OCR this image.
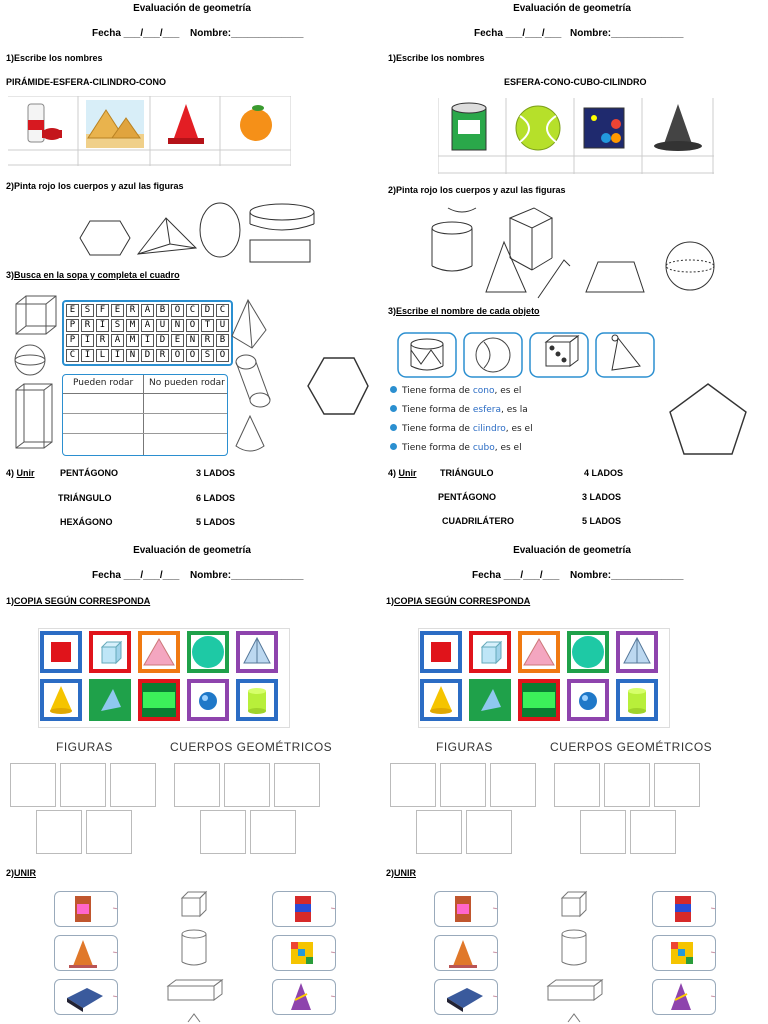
Evaluación de geometría
Fecha ___/___/___ Nombre:_____________
1)Escribe los nombres
PIRÁMIDE-ESFERA-CILINDRO-CONO
2)Pinta rojo los cuerpos y azul las figuras
3)Busca en la sopa y completa el cuadro
E	S	F	E	R	A	B	O	C	D	C
P	R	I	S	M	A	U	N	O	T	U
P	I	R	A	M	I	D	E	N	R	B
C	I	L	I	N	D	R	O	O	S	O
Pueden rodar No pueden rodar
4) Unir	PENTÁGONO
TRIÁNGULO
HEXÁGONO
3 LADOS
6 LADOS
5 LADOS
Evaluación de geometría
Fecha ___/___/___ Nombre:_____________
1)Escribe los nombres
ESFERA-CONO-CUBO-CILINDRO
2)Pinta rojo los cuerpos y azul las figuras
3)Escribe el nombre de cada objeto
Tiene forma de cono, es el
Tiene forma de esfera, es la
Tiene forma de cilindro, es el
Tiene forma de cubo, es el
4) Unir	TRIÁNGULO
PENTÁGONO
CUADRILÁTERO
4 LADOS
3 LADOS
5 LADOS
Evaluación de geometría
Fecha ___/___/___ Nombre:_____________
1)COPIA SEGÚN CORRESPONDA
FIGURAS	CUERPOS GEOMÉTRICOS
2)UNIR
Evaluación de geometría
Fecha ___/___/___ Nombre:_____________
1)COPIA SEGÚN CORRESPONDA
FIGURAS	CUERPOS GEOMÉTRICOS
2)UNIR
